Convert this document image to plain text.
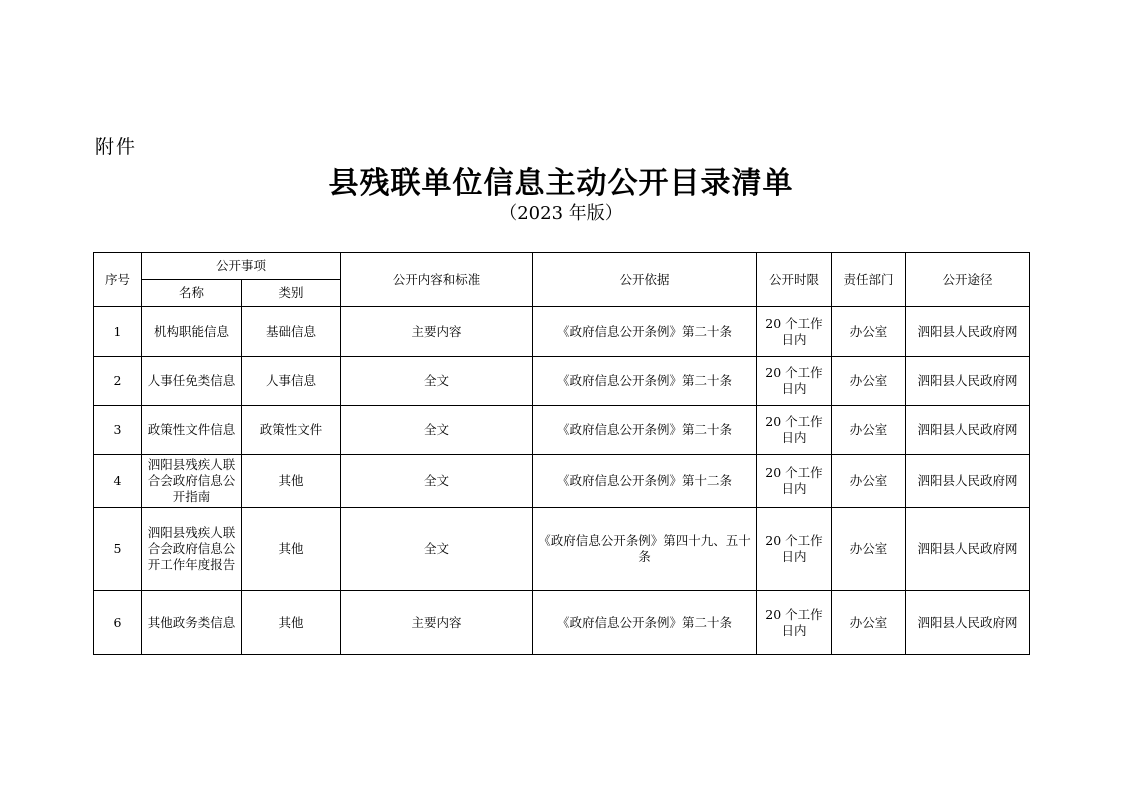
附件
县残联单位信息主动公开目录清单
（2023 年版）
序号	公开事项		公开内容和标准	公开依据	公开时限	责任部门	公开途径
	名称	类别					
1	机构职能信息	基础信息	主要内容	《政府信息公开条例》第二十条	20 个工作日内	办公室	泗阳县人民政府网
2	人事任免类信息	人事信息	全文	《政府信息公开条例》第二十条	20 个工作日内	办公室	泗阳县人民政府网
3	政策性文件信息	政策性文件	全文	《政府信息公开条例》第二十条	20 个工作日内	办公室	泗阳县人民政府网
4	泗阳县残疾人联合会政府信息公开指南	其他	全文	《政府信息公开条例》第十二条	20 个工作日内	办公室	泗阳县人民政府网
5	泗阳县残疾人联合会政府信息公开工作年度报告	其他	全文	《政府信息公开条例》第四十九、五十条	20 个工作日内	办公室	泗阳县人民政府网
6	其他政务类信息	其他	主要内容	《政府信息公开条例》第二十条	20 个工作日内	办公室	泗阳县人民政府网
